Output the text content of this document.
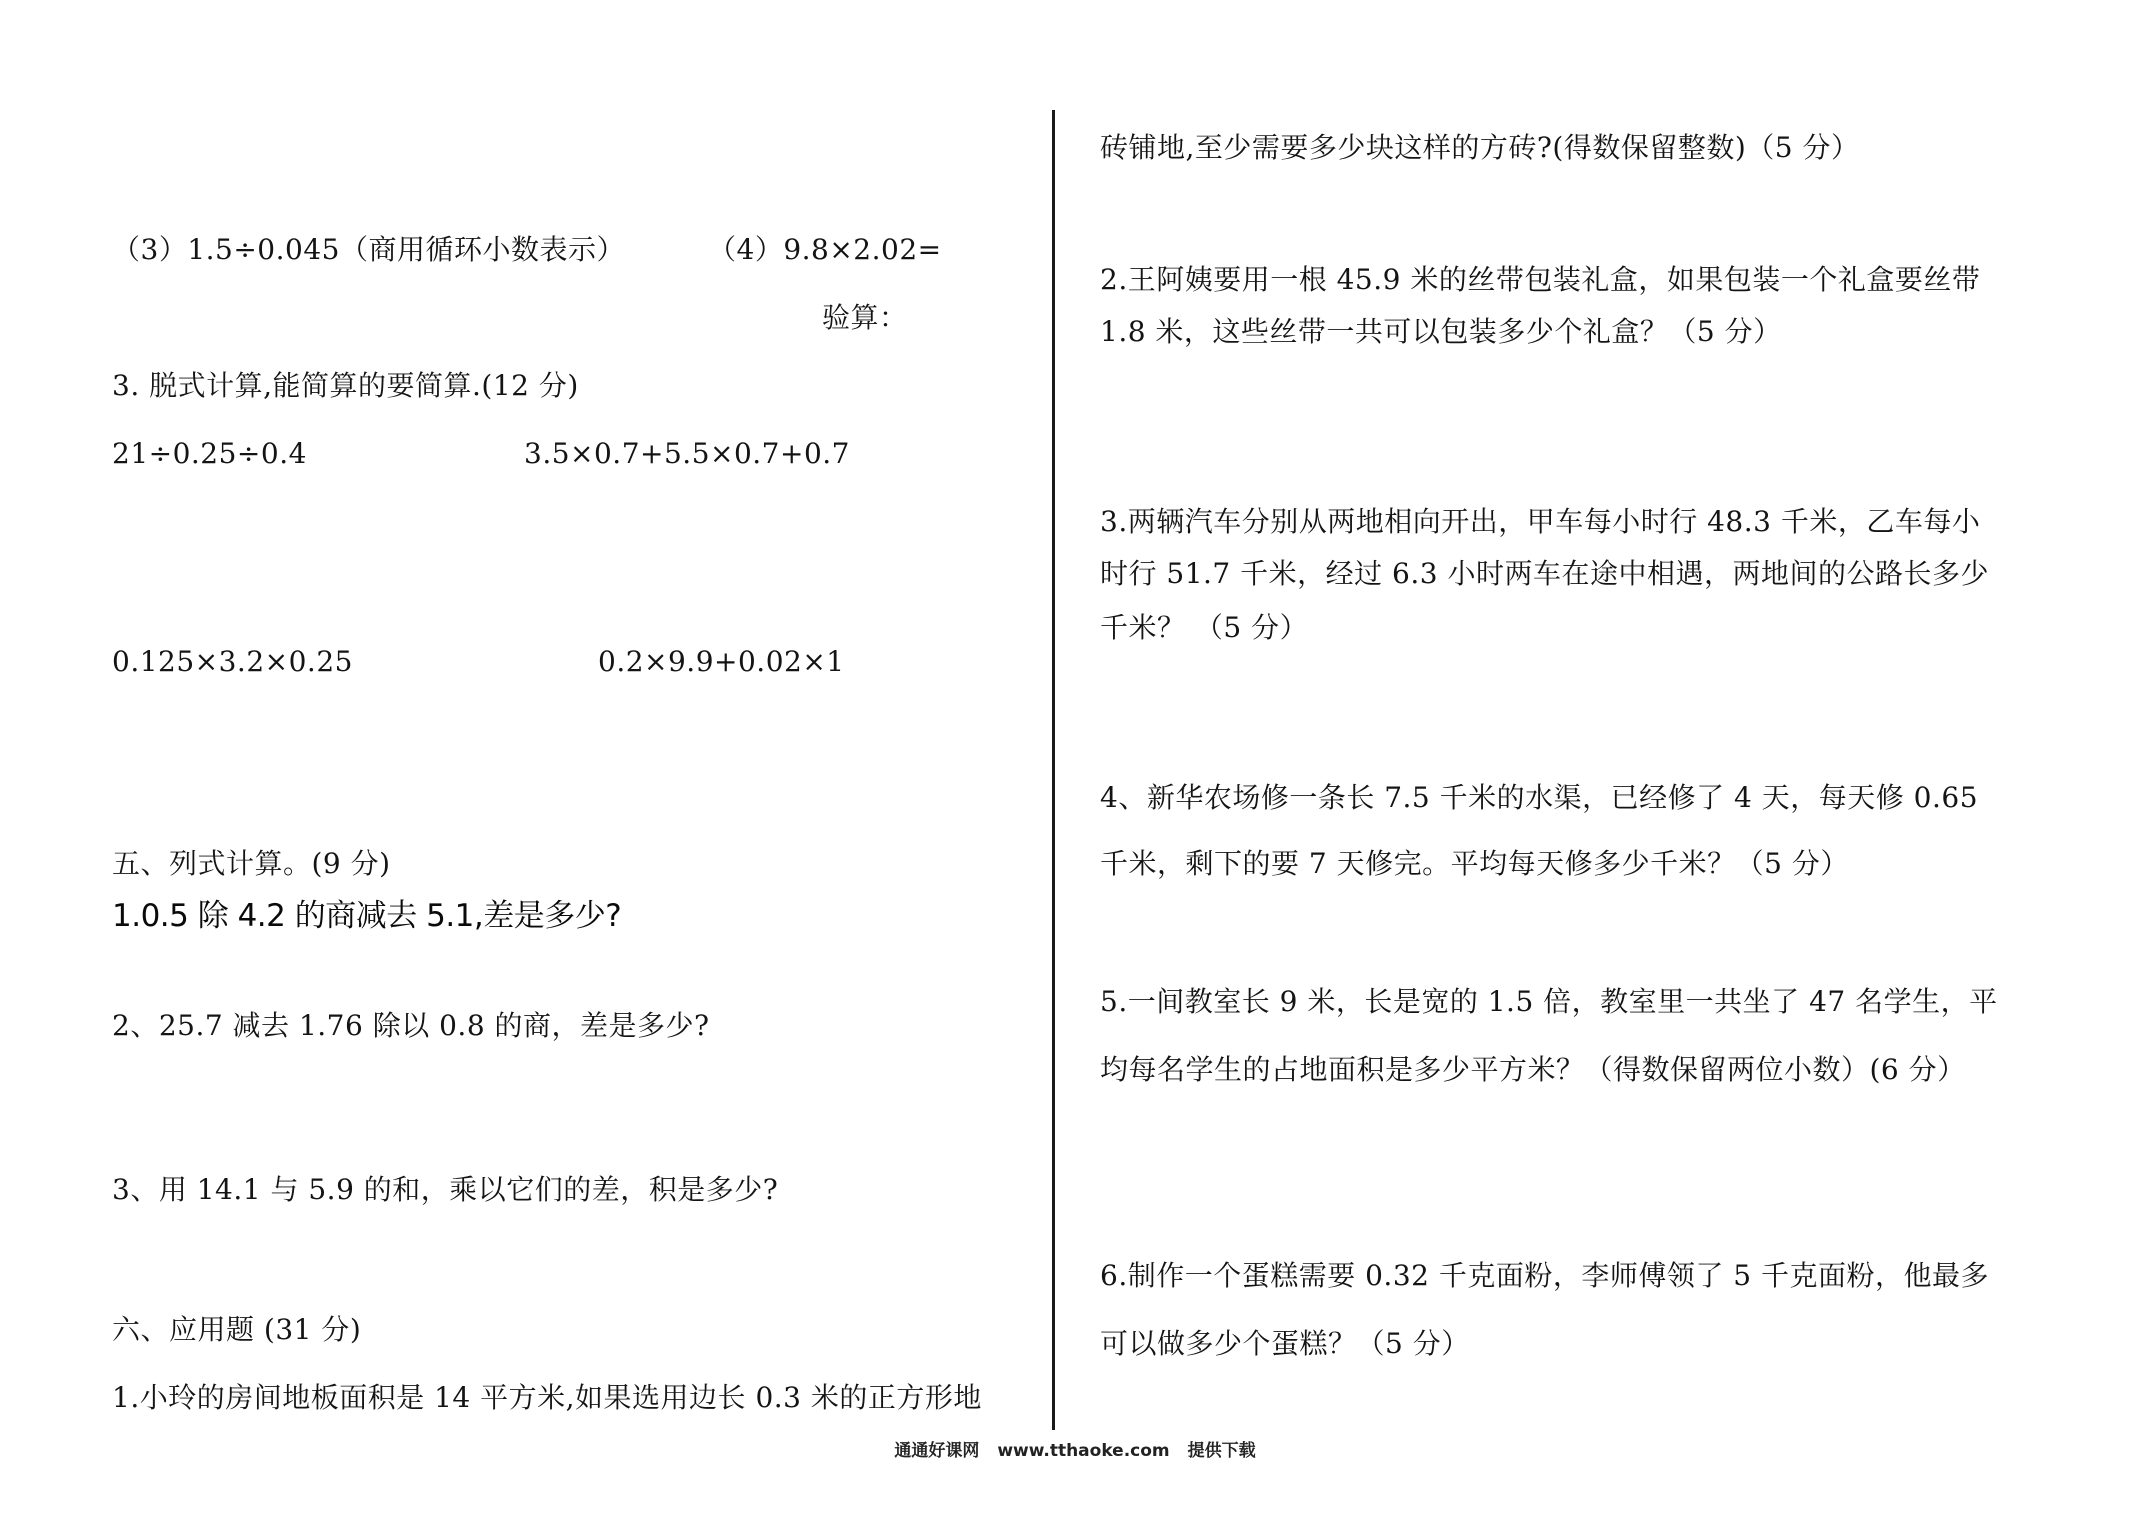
（3）1.5÷0.045（商用循环小数表示）	（4）9.8×2.02=
验算：
3. 脱式计算,能简算的要简算.(12 分)
21÷0.25÷0.4	3.5×0.7+5.5×0.7+0.7
0.125×3.2×0.25	0.2×9.9+0.02×1
五、列式计算。(9 分)
1.0.5 除 4.2 的商减去 5.1,差是多少?
2、25.7 减去 1.76 除以 0.8 的商，差是多少?
3、用 14.1 与 5.9 的和，乘以它们的差，积是多少?
六、应用题 (31 分)
1.小玲的房间地板面积是 14 平方米,如果选用边长 0.3 米的正方形地
砖铺地,至少需要多少块这样的方砖?(得数保留整数)（5 分）
2.王阿姨要用一根 45.9 米的丝带包装礼盒，如果包装一个礼盒要丝带
1.8 米，这些丝带一共可以包装多少个礼盒？（5 分）
3.两辆汽车分别从两地相向开出，甲车每小时行 48.3 千米，乙车每小
时行 51.7 千米，经过 6.3 小时两车在途中相遇，两地间的公路长多少
千米？ （5 分）
4、新华农场修一条长 7.5 千米的水渠，已经修了 4 天，每天修 0.65
千米，剩下的要 7 天修完。平均每天修多少千米？（5 分）
5.一间教室长 9 米，长是宽的 1.5 倍，教室里一共坐了 47 名学生，平
均每名学生的占地面积是多少平方米？（得数保留两位小数）(6 分）
6.制作一个蛋糕需要 0.32 千克面粉，李师傅领了 5 千克面粉，他最多
可以做多少个蛋糕？（5 分）
通通好课网 www.tthaoke.com 提供下载
